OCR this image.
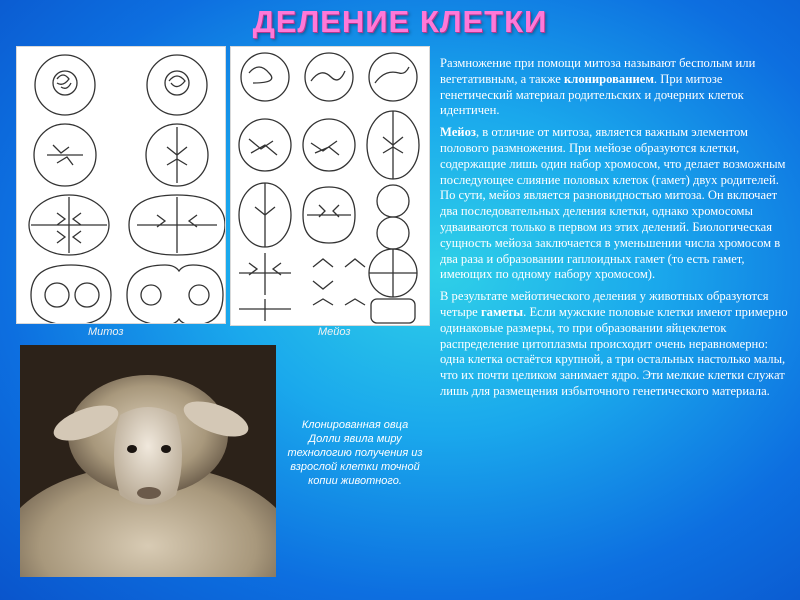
ДЕЛЕНИЕ КЛЕТКИ
Митоз	Мейоз
Клонированная овца Долли явила миру технологию получения из взрослой клетки точной копии животного.

Размножение при помощи митоза называют бесполым или вегетативным, а также клонированием. При митозе генетический материал родительских и дочерних клеток идентичен.

Мейоз, в отличие от митоза, является важным элементом полового размножения. При мейозе образуются клетки, содержащие лишь один набор хромосом, что делает возможным последующее слияние половых клеток (гамет) двух родителей. По сути, мейоз является разновидностью митоза. Он включает два последовательных деления клетки, однако хромосомы удваиваются только в первом из этих делений. Биологическая сущность мейоза заключается в уменьшении числа хромосом в два раза и образовании гаплоидных гамет (то есть гамет, имеющих по одному набору хромосом).

В результате мейотического деления у животных образуются четыре гаметы. Если мужские половые клетки имеют примерно одинаковые размеры, то при образовании яйцеклеток распределение цитоплазмы происходит очень неравномерно: одна клетка остаётся крупной, а три остальных настолько малы, что их почти целиком занимает ядро. Эти мелкие клетки служат лишь для размещения избыточного генетического материала.
